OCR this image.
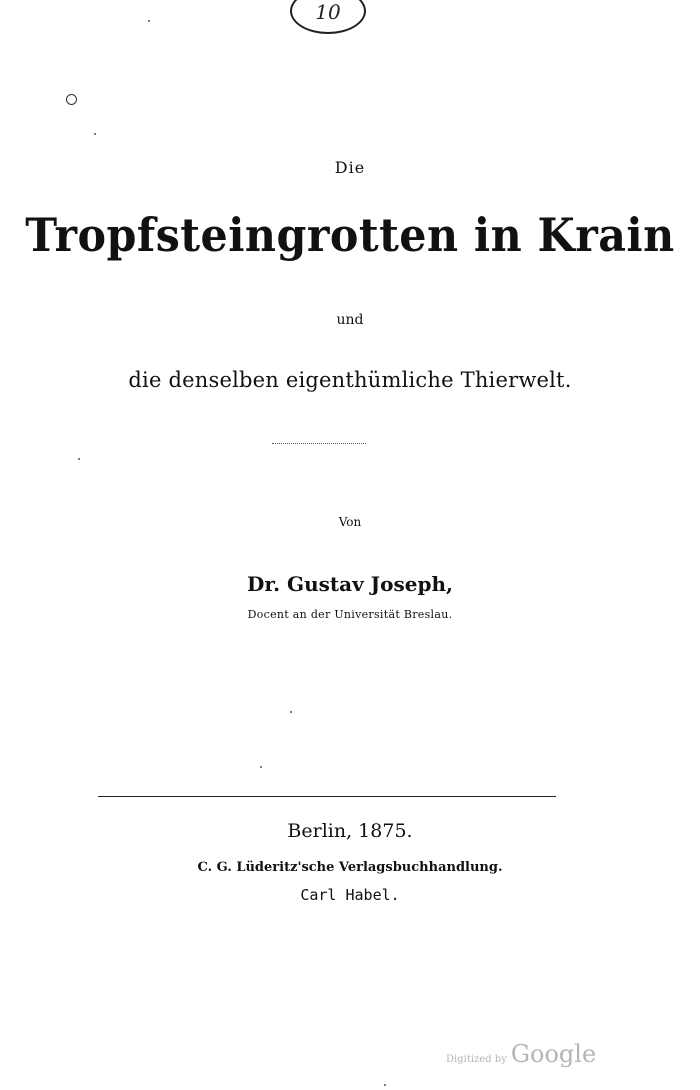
10
Die
Tropfsteingrotten in Krain
und
die denselben eigenthümliche Thierwelt.
Von
Dr. Gustav Joseph,
Docent an der Universität Breslau.
Berlin, 1875.
C. G. Lüderitz'sche Verlagsbuchhandlung.
Carl Habel.
Digitized by Google
